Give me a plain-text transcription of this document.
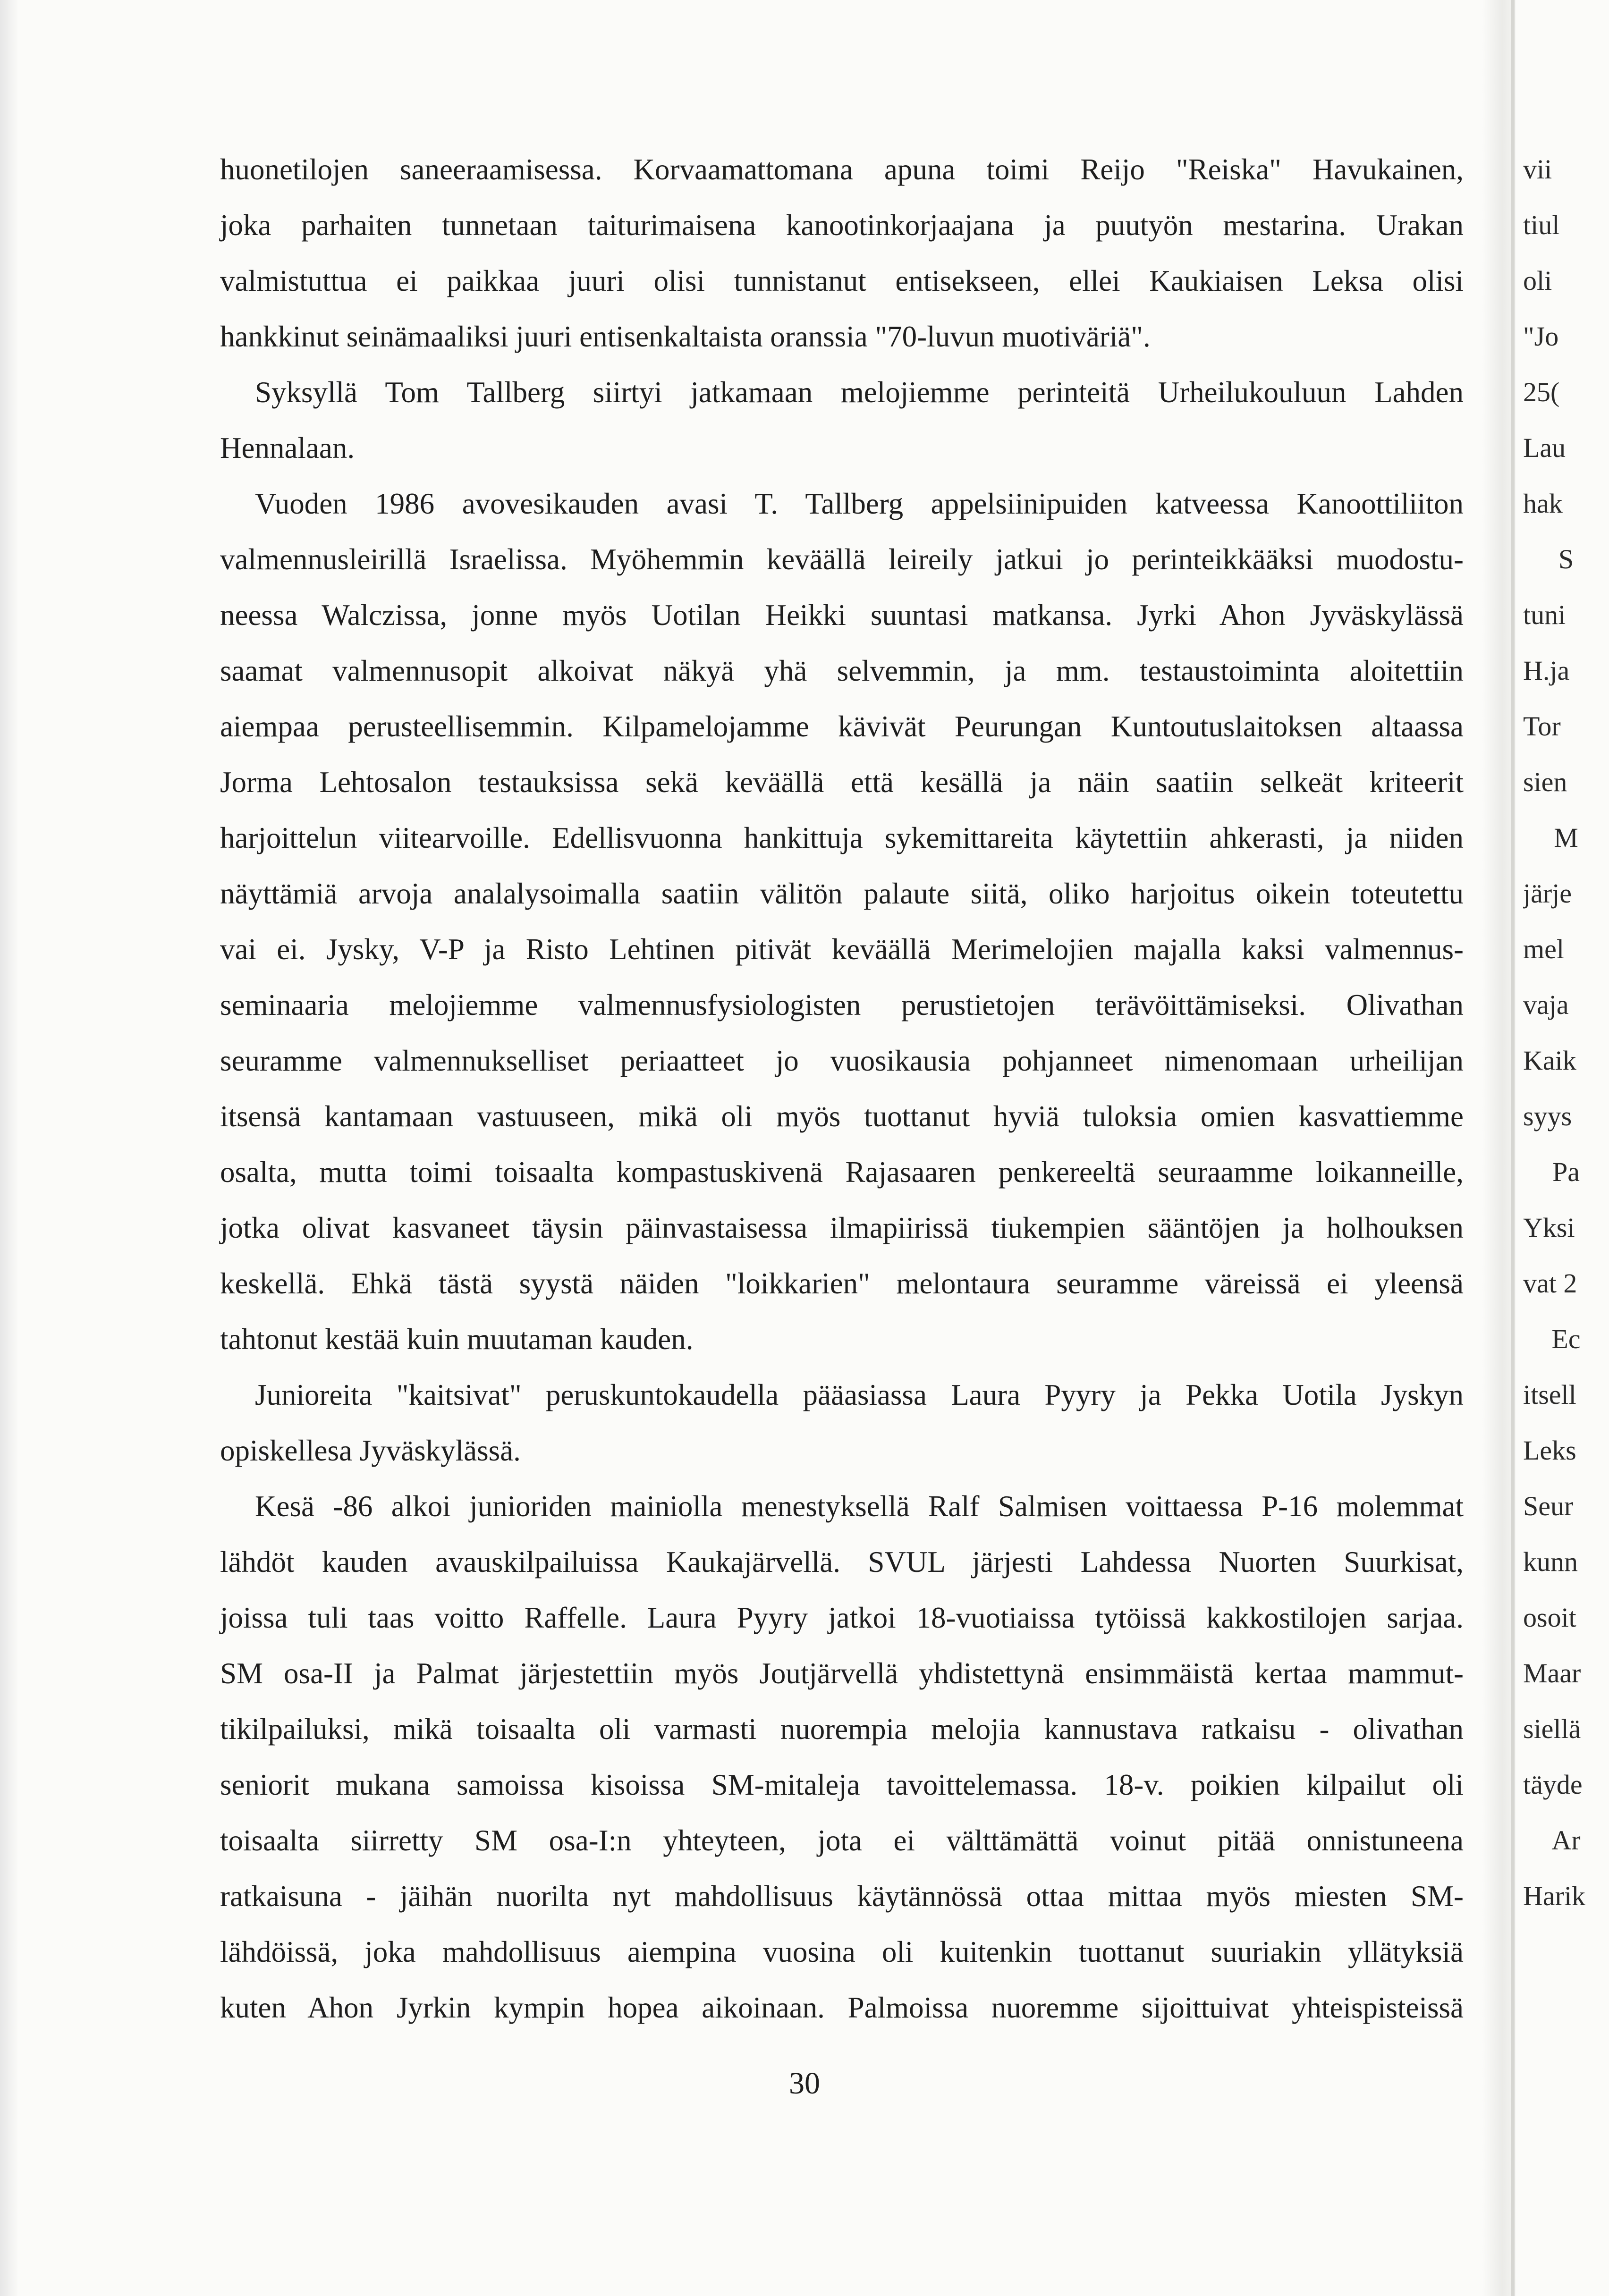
huonetilojen saneeraamisessa. Korvaamattomana apuna toimi Reijo "Reiska" Havukainen,
joka parhaiten tunnetaan taiturimaisena kanootinkorjaajana ja puutyön mestarina. Urakan
valmistuttua ei paikkaa juuri olisi tunnistanut entisekseen, ellei Kaukiaisen Leksa olisi
hankkinut seinämaaliksi juuri entisenkaltaista oranssia "70-luvun muotiväriä".
Syksyllä Tom Tallberg siirtyi jatkamaan melojiemme perinteitä Urheilukouluun Lahden
Hennalaan.
Vuoden 1986 avovesikauden avasi T. Tallberg appelsiinipuiden katveessa Kanoottiliiton
valmennusleirillä Israelissa. Myöhemmin keväällä leireily jatkui jo perinteikkääksi muodostu-
neessa Walczissa, jonne myös Uotilan Heikki suuntasi matkansa. Jyrki Ahon Jyväskylässä
saamat valmennusopit alkoivat näkyä yhä selvemmin, ja mm. testaustoiminta aloitettiin
aiempaa perusteellisemmin. Kilpamelojamme kävivät Peurungan Kuntoutuslaitoksen altaassa
Jorma Lehtosalon testauksissa sekä keväällä että kesällä ja näin saatiin selkeät kriteerit
harjoittelun viitearvoille. Edellisvuonna hankittuja sykemittareita käytettiin ahkerasti, ja niiden
näyttämiä arvoja analalysoimalla saatiin välitön palaute siitä, oliko harjoitus oikein toteutettu
vai ei. Jysky, V-P ja Risto Lehtinen pitivät keväällä Merimelojien majalla kaksi valmennus-
seminaaria melojiemme valmennusfysiologisten perustietojen terävöittämiseksi. Olivathan
seuramme valmennukselliset periaatteet jo vuosikausia pohjanneet nimenomaan urheilijan
itsensä kantamaan vastuuseen, mikä oli myös tuottanut hyviä tuloksia omien kasvattiemme
osalta, mutta toimi toisaalta kompastuskivenä Rajasaaren penkereeltä seuraamme loikanneille,
jotka olivat kasvaneet täysin päinvastaisessa ilmapiirissä tiukempien sääntöjen ja holhouksen
keskellä. Ehkä tästä syystä näiden "loikkarien" melontaura seuramme väreissä ei yleensä
tahtonut kestää kuin muutaman kauden.
Junioreita "kaitsivat" peruskuntokaudella pääasiassa Laura Pyyry ja Pekka Uotila Jyskyn
opiskellesa Jyväskylässä.
Kesä -86 alkoi junioriden mainiolla menestyksellä Ralf Salmisen voittaessa P-16 molemmat
lähdöt kauden avauskilpailuissa Kaukajärvellä. SVUL järjesti Lahdessa Nuorten Suurkisat,
joissa tuli taas voitto Raffelle. Laura Pyyry jatkoi 18-vuotiaissa tytöissä kakkostilojen sarjaa.
SM osa-II ja Palmat järjestettiin myös Joutjärvellä yhdistettynä ensimmäistä kertaa mammut-
tikilpailuksi, mikä toisaalta oli varmasti nuorempia melojia kannustava ratkaisu - olivathan
seniorit mukana samoissa kisoissa SM-mitaleja tavoittelemassa. 18-v. poikien kilpailut oli
toisaalta siirretty SM osa-I:n yhteyteen, jota ei välttämättä voinut pitää onnistuneena
ratkaisuna - jäihän nuorilta nyt mahdollisuus käytännössä ottaa mittaa myös miesten SM-
lähdöissä, joka mahdollisuus aiempina vuosina oli kuitenkin tuottanut suuriakin yllätyksiä
kuten Ahon Jyrkin kympin hopea aikoinaan. Palmoissa nuoremme sijoittuivat yhteispisteissä
30
vii
tiul
oli
"Jo
25(
Lau
hak
S
tuni
H.ja
Tor
sien
M
järje
mel
vaja
Kaik
syys
Pa
Yksi
vat 2
Ec
itsell
Leks
Seur
kunn
osoit
Maar
siellä
täyde
Ar
Harik
